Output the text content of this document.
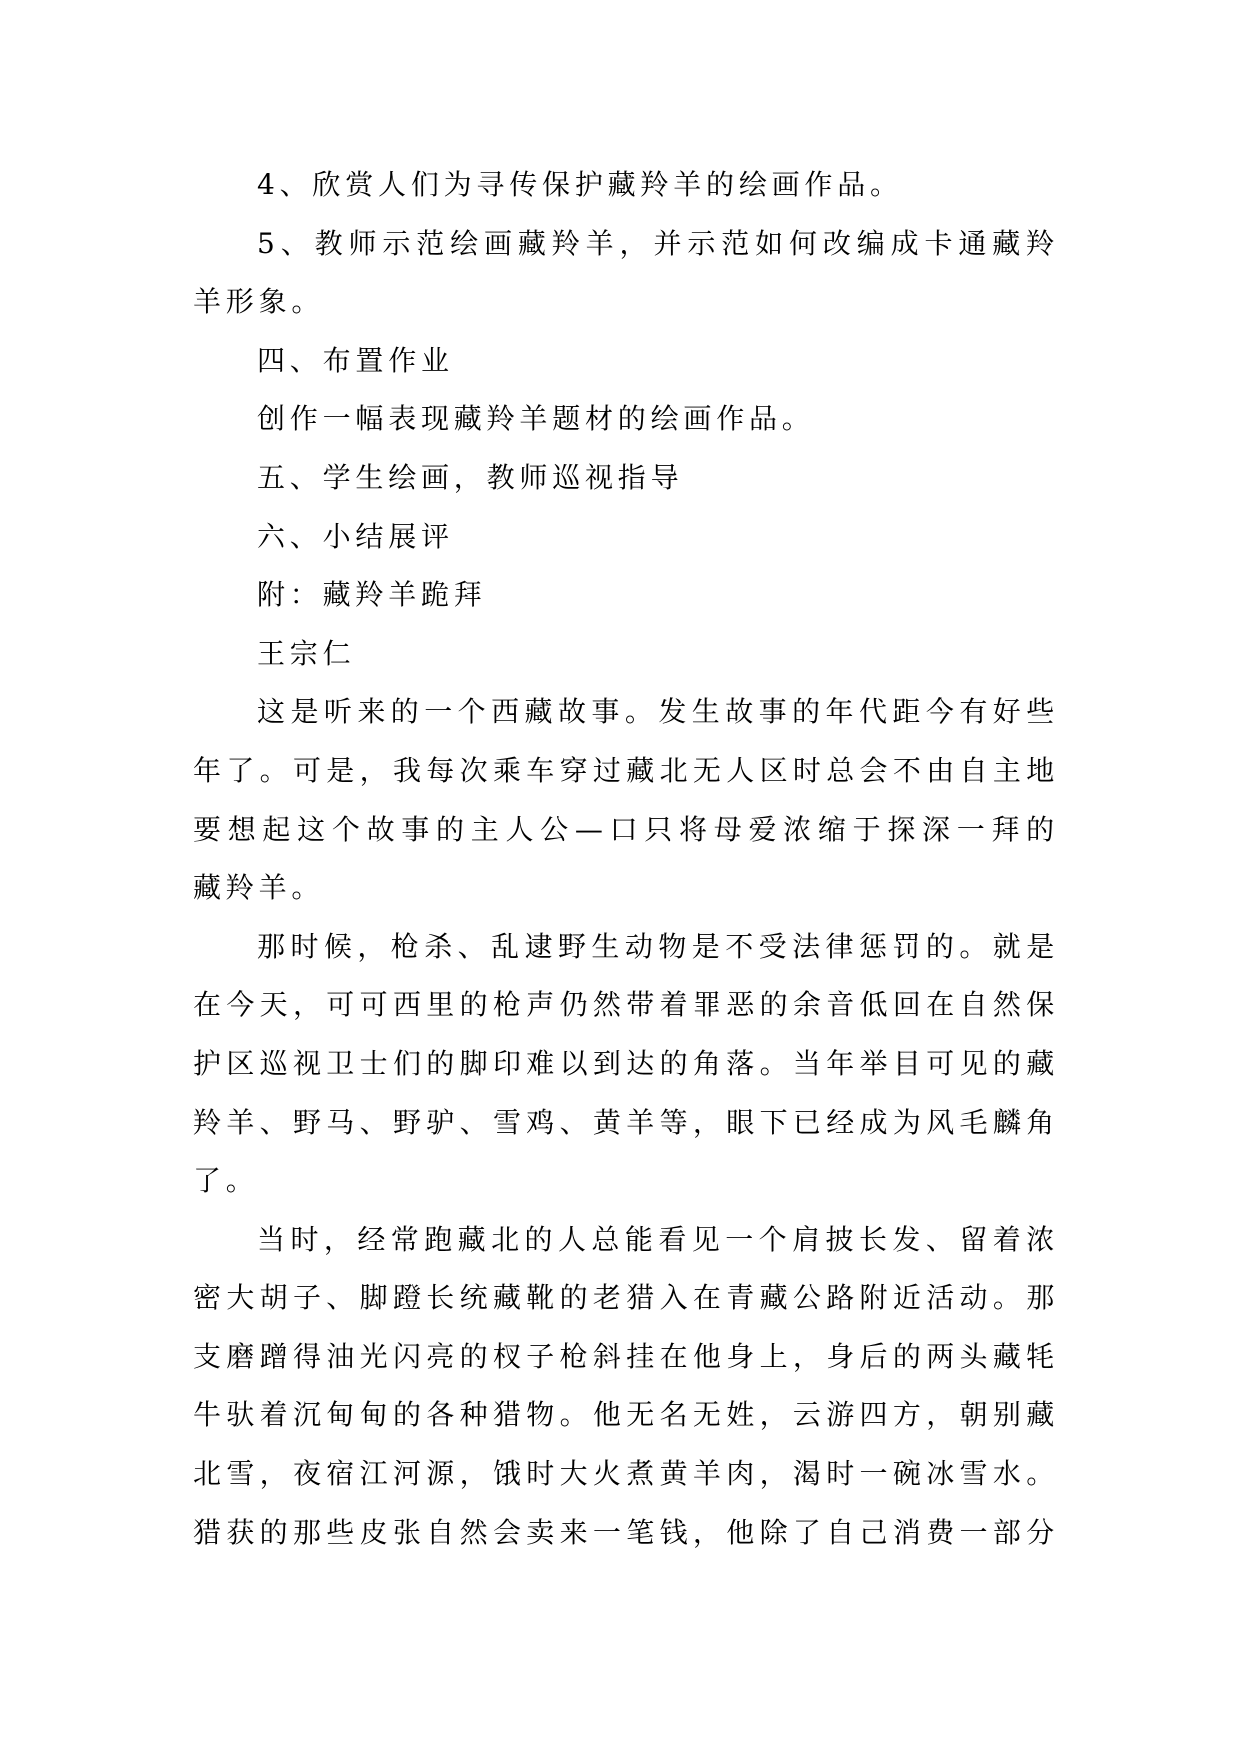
4、欣赏人们为寻传保护藏羚羊的绘画作品。
5、教师示范绘画藏羚羊，并示范如何改编成卡通藏羚
羊形象。
四、布置作业
创作一幅表现藏羚羊题材的绘画作品。
五、学生绘画，教师巡视指导
六、小结展评
附：藏羚羊跪拜
王宗仁
这是听来的一个西藏故事。发生故事的年代距今有好些
年了。可是，我每次乘车穿过藏北无人区时总会不由自主地
要想起这个故事的主人公—口只将母爱浓缩于探深一拜的
藏羚羊。
那时候，枪杀、乱逮野生动物是不受法律惩罚的。就是
在今天，可可西里的枪声仍然带着罪恶的余音低回在自然保
护区巡视卫士们的脚印难以到达的角落。当年举目可见的藏
羚羊、野马、野驴、雪鸡、黄羊等，眼下已经成为风毛麟角
了。
当时，经常跑藏北的人总能看见一个肩披长发、留着浓
密大胡子、脚蹬长统藏靴的老猎入在青藏公路附近活动。那
支磨蹭得油光闪亮的杈子枪斜挂在他身上，身后的两头藏牦
牛驮着沉甸甸的各种猎物。他无名无姓，云游四方，朝别藏
北雪，夜宿江河源，饿时大火煮黄羊肉，渴时一碗冰雪水。
猎获的那些皮张自然会卖来一笔钱，他除了自己消费一部分
